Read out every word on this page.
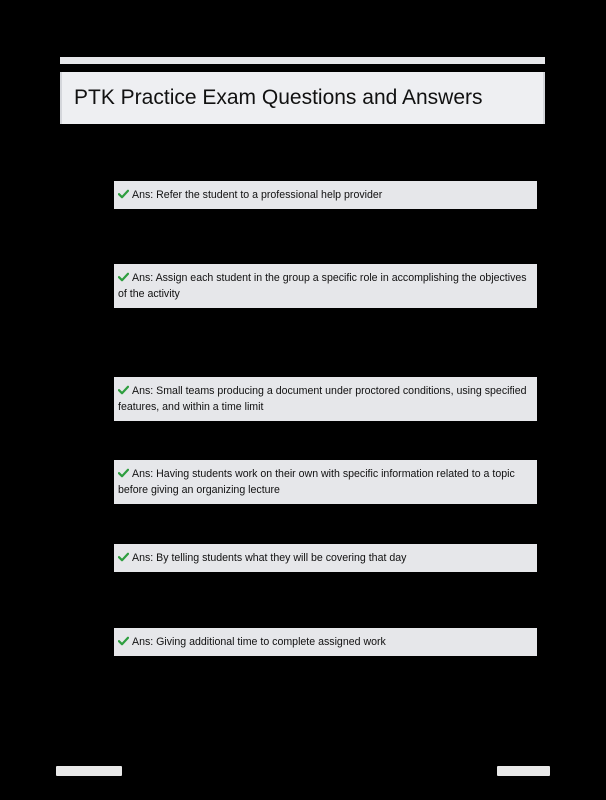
PTK Practice Exam Questions and Answers
Ans: Refer the student to a professional help provider
Ans: Assign each student in the group a specific role in accomplishing the objectives of the activity
Ans: Small teams producing a document under proctored conditions, using specified features, and within a time limit
Ans: Having students work on their own with specific information related to a topic before giving an organizing lecture
Ans: By telling students what they will be covering that day
Ans: Giving additional time to complete assigned work
